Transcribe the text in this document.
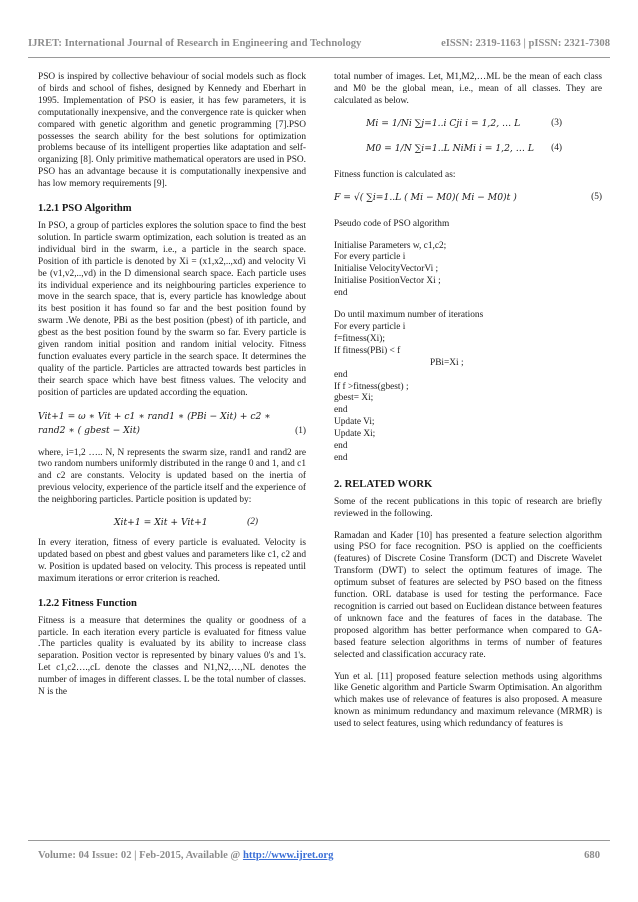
IJRET: International Journal of Research in Engineering and Technology	eISSN: 2319-1163 | pISSN: 2321-7308

PSO is inspired by collective behaviour of social models such as flock of birds and school of fishes, designed by Kennedy and Eberhart in 1995. Implementation of PSO is easier, it has few parameters, it is computationally inexpensive, and the convergence rate is quicker when compared with genetic algorithm and genetic programming [7].PSO possesses the search ability for the best solutions for optimization problems because of its intelligent properties like adaptation and self-organizing [8]. Only primitive mathematical operators are used in PSO. PSO has an advantage because it is computationally inexpensive and has low memory requirements [9].

1.2.1 PSO Algorithm

In PSO, a group of particles explores the solution space to find the best solution. In particle swarm optimization, each solution is treated as an individual bird in the swarm, i.e., a particle in the search space. Position of ith particle is denoted by Xi = (x1,x2,..,xd) and velocity Vi be (v1,v2,..,vd) in the D dimensional search space. Each particle uses its individual experience and its neighbouring particles experience to move in the search space, that is, every particle has knowledge about its best position it has found so far and the best position found by swarm .We denote, PBi as the best position (pbest) of ith particle, and gbest as the best position found by the swarm so far. Every particle is given random initial position and random initial velocity. Fitness function evaluates every particle in the search space. It determines the quality of the particle. Particles are attracted towards best particles in their search space which have best fitness values. The velocity and position of particles are updated according the equation.

Vit+1 = ω ∗ Vit + c1 ∗ rand1 ∗ (PBi − Xit) + c2 ∗
rand2 ∗ ( gbest − Xit)	(1)

where, i=1,2 ….. N, N represents the swarm size, rand1 and rand2 are two random numbers uniformly distributed in the range 0 and 1, and c1 and c2 are constants. Velocity is updated based on the inertia of previous velocity, experience of the particle itself and the experience of the neighboring particles. Particle position is updated by:

Xit+1 = Xit + Vit+1	(2)

In every iteration, fitness of every particle is evaluated. Velocity is updated based on pbest and gbest values and parameters like c1, c2 and w. Position is updated based on velocity. This process is repeated until maximum iterations or error criterion is reached.

1.2.2 Fitness Function

Fitness is a measure that determines the quality or goodness of a particle. In each iteration every particle is evaluated for fitness value .The particles quality is evaluated by its ability to increase class separation. Position vector is represented by binary values 0's and 1's. Let c1,c2….,cL denote the classes and N1,N2,…,NL denotes the number of images in different classes. L be the total number of classes. N is the

total number of images. Let, M1,M2,…ML be the mean of each class and M0 be the global mean, i.e., mean of all classes. They are calculated as below.

Mi = 1/Ni ∑j=1..i Cji i = 1,2, … L	(3)
M0 = 1/N ∑i=1..L NiMi i = 1,2, … L (4)

Fitness function is calculated as:

F = √( ∑i=1..L ( Mi − M0)( Mi − M0)t )	(5)

Pseudo code of PSO algorithm

Initialise Parameters w, c1,c2;
For every particle i
Initialise VelocityVectorVi ;
Initialise PositionVector Xi ;
end
Do until maximum number of iterations
For every particle i
f=fitness(Xi);
If fitness(PBi) < f
PBi=Xi ;
end
If f >fitness(gbest) ;
gbest= Xi;
end
Update Vi;
Update Xi;
end
end
2. RELATED WORK

Some of the recent publications in this topic of research are briefly reviewed in the following.

Ramadan and Kader [10] has presented a feature selection algorithm using PSO for face recognition. PSO is applied on the coefficients (features) of Discrete Cosine Transform (DCT) and Discrete Wavelet Transform (DWT) to select the optimum features of image. The optimum subset of features are selected by PSO based on the fitness function. ORL database is used for testing the performance. Face recognition is carried out based on Euclidean distance between features of unknown face and the features of faces in the database. The proposed algorithm has better performance when compared to GA-based feature selection algorithms in terms of number of features selected and classification accuracy rate.

Yun et al. [11] proposed feature selection methods using algorithms like Genetic algorithm and Particle Swarm Optimisation. An algorithm which makes use of relevance of features is also proposed. A measure known as minimum redundancy and maximum relevance (MRMR) is used to select features, using which redundancy of features is

Volume: 04 Issue: 02 | Feb-2015, Available @ http://www.ijret.org	680
